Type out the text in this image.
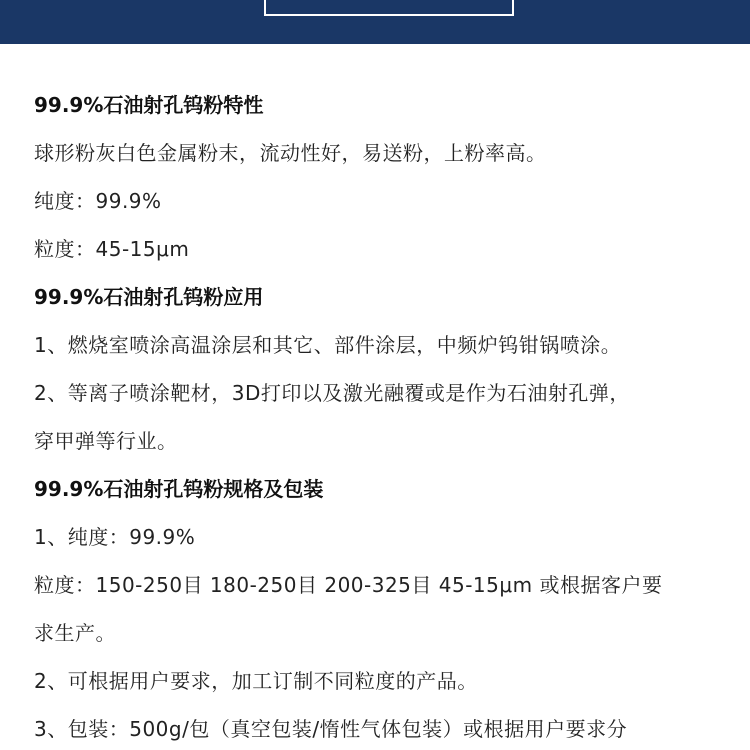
99.9%石油射孔钨粉特性
球形粉灰白色金属粉末，流动性好，易送粉，上粉率高。
纯度：99.9%
粒度：45-15μm
99.9%石油射孔钨粉应用
1、燃烧室喷涂高温涂层和其它、部件涂层，中频炉钨钳锅喷涂。
2、等离子喷涂靶材，3D打印以及激光融覆或是作为石油射孔弹，
穿甲弹等行业。
99.9%石油射孔钨粉规格及包装
1、纯度：99.9%
粒度：150-250目 180-250目 200-325目 45-15μm 或根据客户要
求生产。
2、可根据用户要求，加工订制不同粒度的产品。
3、包装：500g/包（真空包装/惰性气体包装）或根据用户要求分
